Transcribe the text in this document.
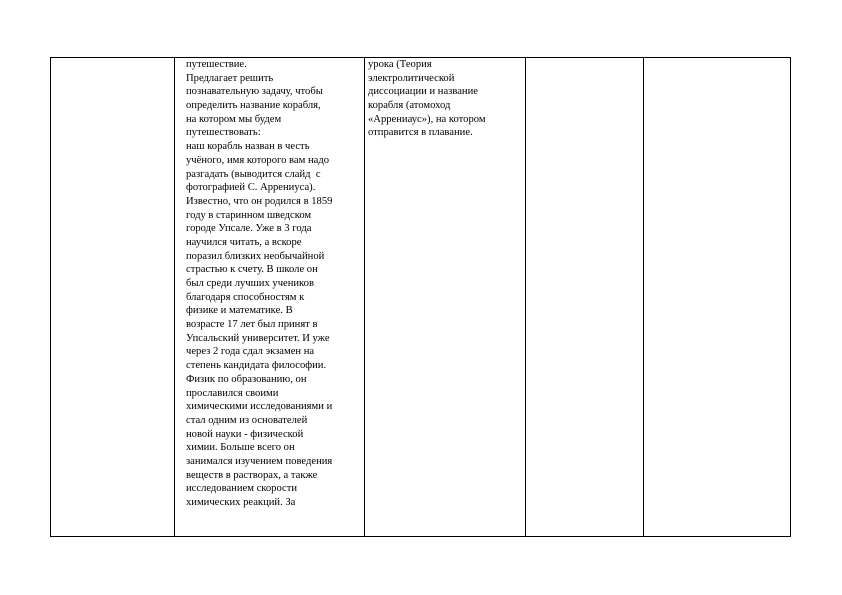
путешествие.
Предлагает решить
познавательную задачу, чтобы
определить название корабля,
на котором мы будем
путешествовать:
наш корабль назван в честь
учёного, имя которого вам надо
разгадать (выводится слайд  с
фотографией С. Аррениуса).
Известно, что он родился в 1859
году в старинном шведском
городе Упсале. Уже в 3 года
научился читать, а вскоре
поразил близких необычайной
страстью к счету. В школе он
был среди лучших учеников
благодаря способностям к
физике и математике. В
возрасте 17 лет был принят в
Упсальский университет. И уже
через 2 года сдал экзамен на
степень кандидата философии.
Физик по образованию, он
прославился своими
химическими исследованиями и
стал одним из основателей
новой науки - физической
химии. Больше всего он
занимался изучением поведения
веществ в растворах, а также
исследованием скорости
химических реакций. За
урока (Теория
электролитической
диссоциации и название
корабля (атомоход
«Аррениаус»), на котором
отправится в плавание.
